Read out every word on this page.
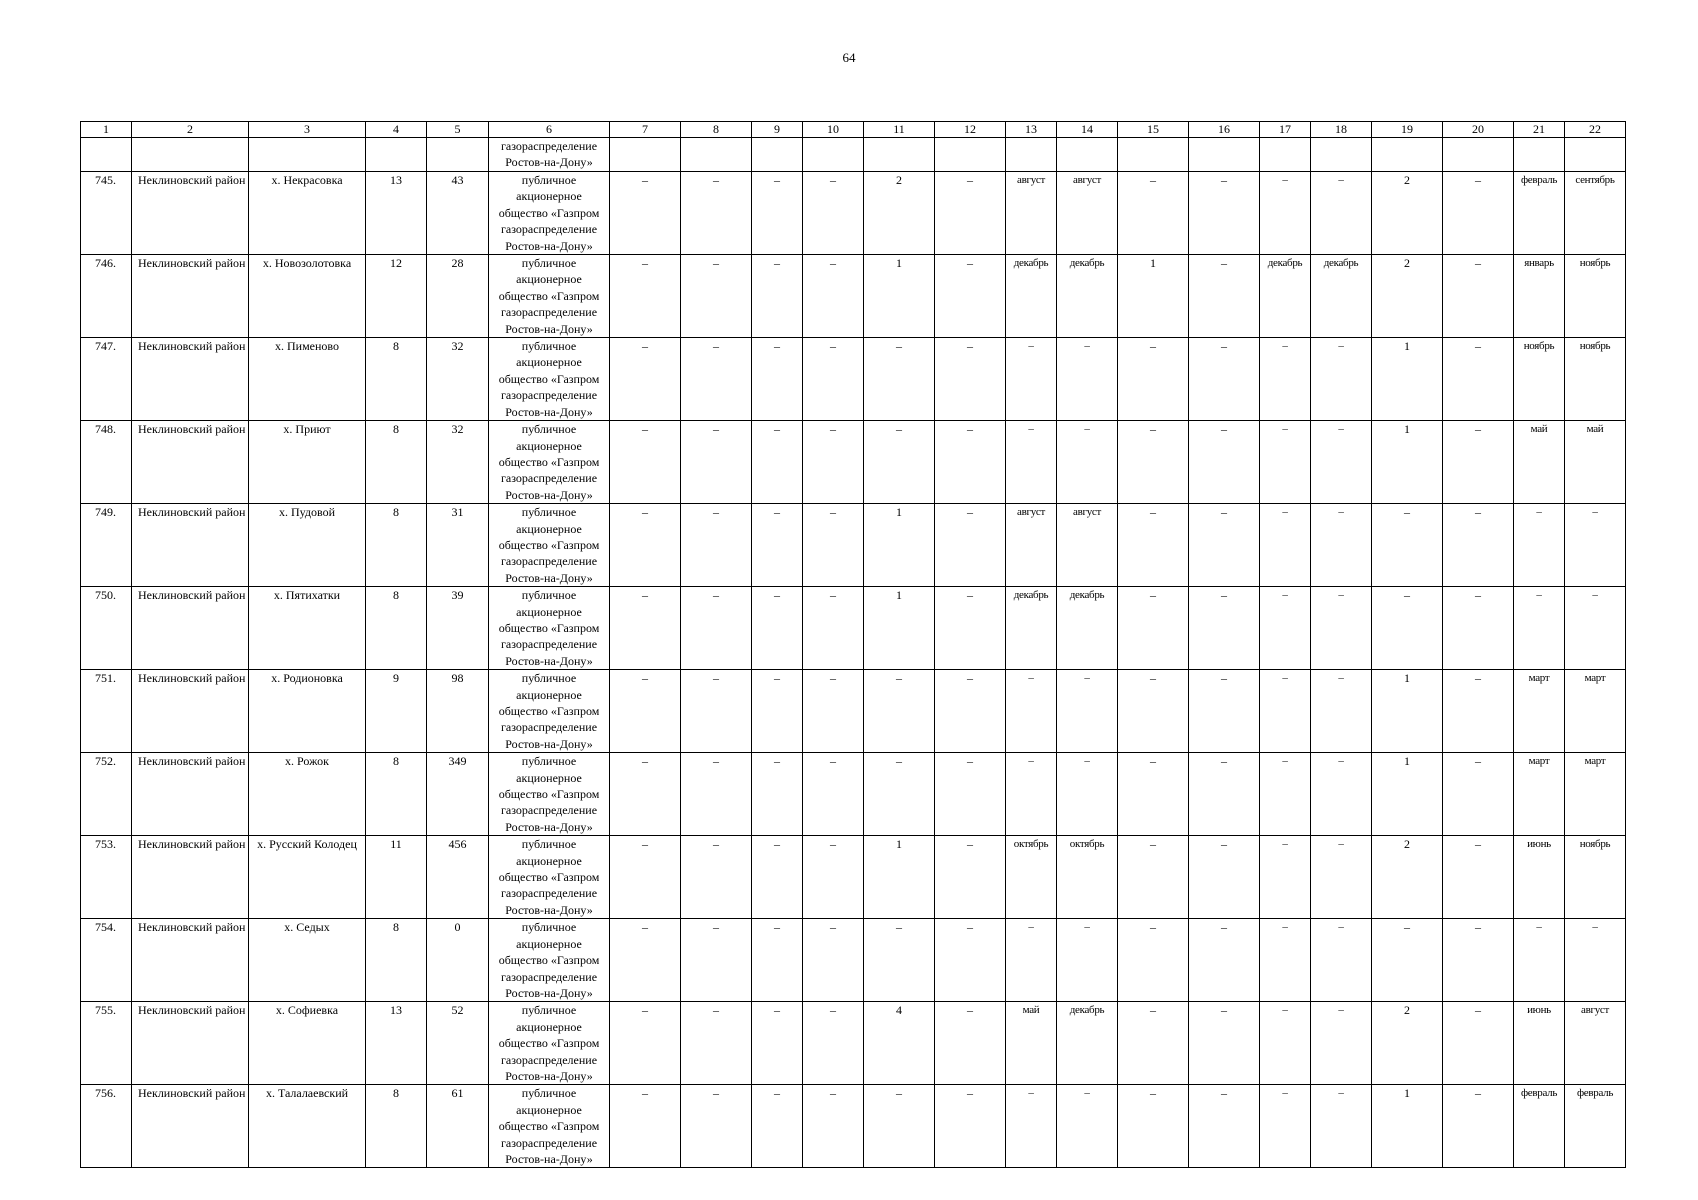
64
1	2	3	4	5	6	7	8	9	10	11	12	13	14	15	16	17	18	19	20	21	22
					газораспределение Ростов-на-Дону»																
745.	Неклиновский район	х. Некрасовка	13	43	публичное акционерное общество «Газпром газораспределение Ростов-на-Дону»	–	–	–	–	2	–	август	август	–	–	–	–	2	–	февраль	сентябрь
746.	Неклиновский район	х. Новозолотовка	12	28	публичное акционерное общество «Газпром газораспределение Ростов-на-Дону»	–	–	–	–	1	–	декабрь	декабрь	1	–	декабрь	декабрь	2	–	январь	ноябрь
747.	Неклиновский район	х. Пименово	8	32	публичное акционерное общество «Газпром газораспределение Ростов-на-Дону»	–	–	–	–	–	–	–	–	–	–	–	–	1	–	ноябрь	ноябрь
748.	Неклиновский район	х. Приют	8	32	публичное акционерное общество «Газпром газораспределение Ростов-на-Дону»	–	–	–	–	–	–	–	–	–	–	–	–	1	–	май	май
749.	Неклиновский район	х. Пудовой	8	31	публичное акционерное общество «Газпром газораспределение Ростов-на-Дону»	–	–	–	–	1	–	август	август	–	–	–	–	–	–	–	–
750.	Неклиновский район	х. Пятихатки	8	39	публичное акционерное общество «Газпром газораспределение Ростов-на-Дону»	–	–	–	–	1	–	декабрь	декабрь	–	–	–	–	–	–	–	–
751.	Неклиновский район	х. Родионовка	9	98	публичное акционерное общество «Газпром газораспределение Ростов-на-Дону»	–	–	–	–	–	–	–	–	–	–	–	–	1	–	март	март
752.	Неклиновский район	х. Рожок	8	349	публичное акционерное общество «Газпром газораспределение Ростов-на-Дону»	–	–	–	–	–	–	–	–	–	–	–	–	1	–	март	март
753.	Неклиновский район	х. Русский Колодец	11	456	публичное акционерное общество «Газпром газораспределение Ростов-на-Дону»	–	–	–	–	1	–	октябрь	октябрь	–	–	–	–	2	–	июнь	ноябрь
754.	Неклиновский район	х. Седых	8	0	публичное акционерное общество «Газпром газораспределение Ростов-на-Дону»	–	–	–	–	–	–	–	–	–	–	–	–	–	–	–	–
755.	Неклиновский район	х. Софиевка	13	52	публичное акционерное общество «Газпром газораспределение Ростов-на-Дону»	–	–	–	–	4	–	май	декабрь	–	–	–	–	2	–	июнь	август
756.	Неклиновский район	х. Талалаевский	8	61	публичное акционерное общество «Газпром газораспределение Ростов-на-Дону»	–	–	–	–	–	–	–	–	–	–	–	–	1	–	февраль	февраль
